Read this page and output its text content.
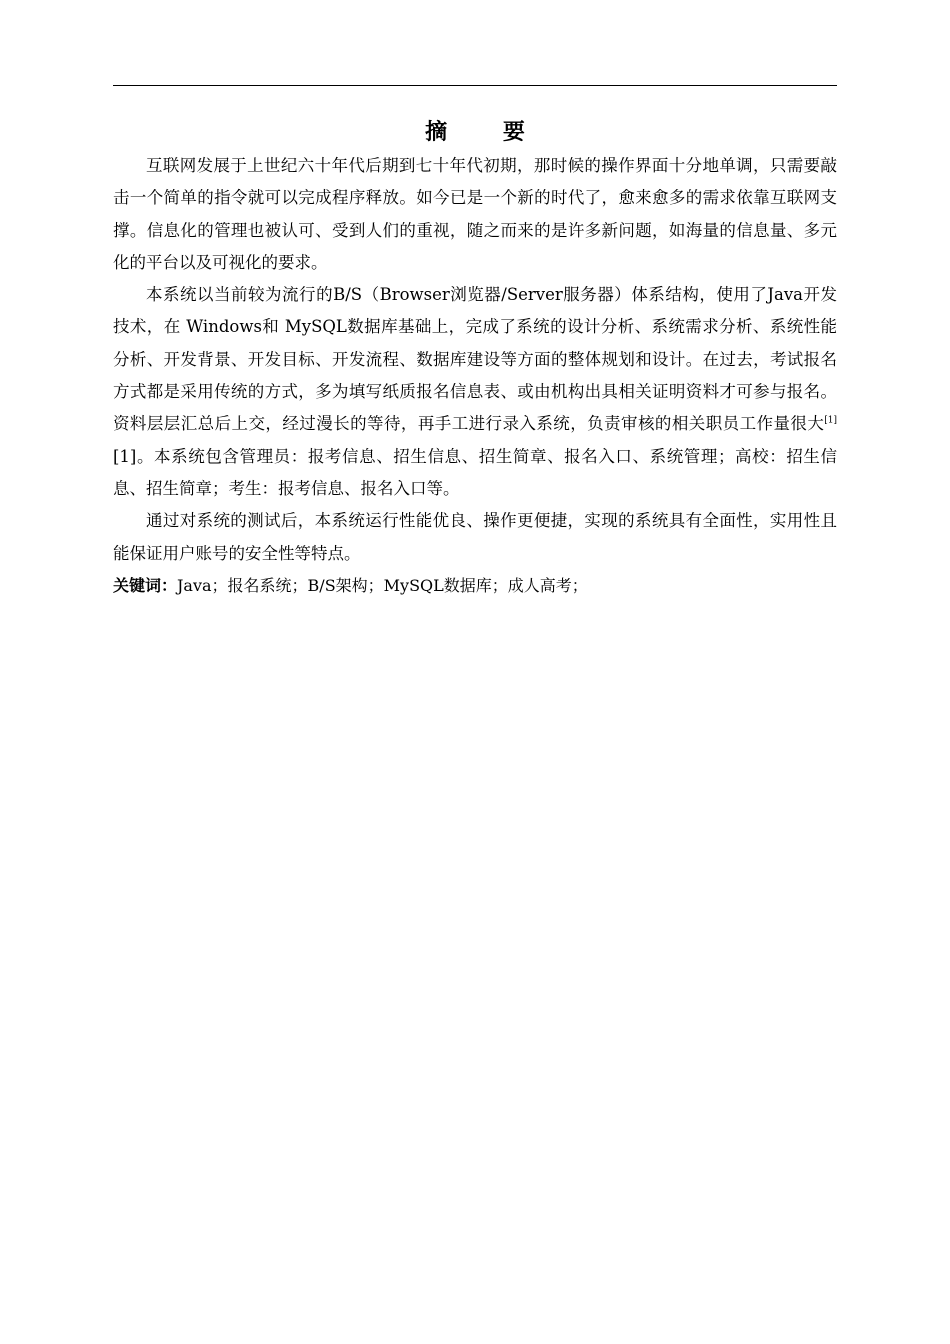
摘 要

互联网发展于上世纪六十年代后期到七十年代初期，那时候的操作界面十分地单调，只需要敲击一个简单的指令就可以完成程序释放。如今已是一个新的时代了，愈来愈多的需求依靠互联网支撑。信息化的管理也被认可、受到人们的重视，随之而来的是许多新问题，如海量的信息量、多元化的平台以及可视化的要求。

本系统以当前较为流行的B/S（Browser浏览器/Server服务器）体系结构，使用了Java开发技术，在 Windows和 MySQL数据库基础上，完成了系统的设计分析、系统需求分析、系统性能分析、开发背景、开发目标、开发流程、数据库建设等方面的整体规划和设计。在过去，考试报名方式都是采用传统的方式，多为填写纸质报名信息表、或由机构出具相关证明资料才可参与报名。资料层层汇总后上交，经过漫长的等待，再手工进行录入系统，负责审核的相关职员工作量很大[1][1]。本系统包含管理员：报考信息、招生信息、招生简章、报名入口、系统管理；高校：招生信息、招生简章；考生：报考信息、报名入口等。

通过对系统的测试后，本系统运行性能优良、操作更便捷，实现的系统具有全面性，实用性且能保证用户账号的安全性等特点。

关键词：Java；报名系统；B/S架构；MySQL数据库；成人高考；
